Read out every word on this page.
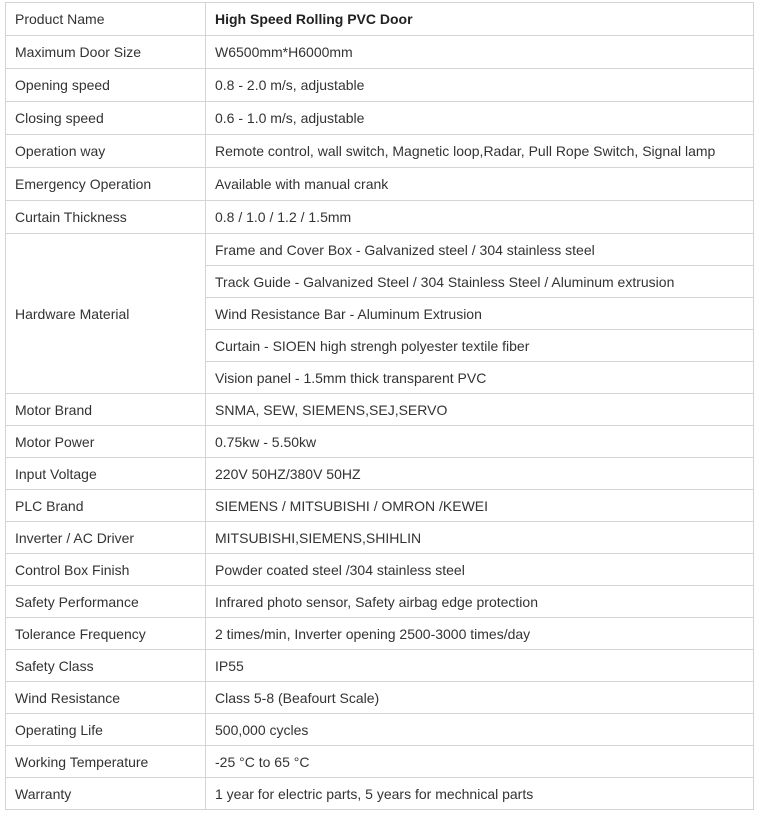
Product Name	High Speed Rolling PVC Door
Maximum Door Size	W6500mm*H6000mm
Opening speed	0.8 - 2.0 m/s, adjustable
Closing speed	0.6 - 1.0 m/s, adjustable
Operation way	Remote control, wall switch, Magnetic loop,Radar, Pull Rope Switch, Signal lamp
Emergency Operation	Available with manual crank
Curtain Thickness	0.8 / 1.0 / 1.2 / 1.5mm
Hardware Material	Frame and Cover Box - Galvanized steel / 304 stainless steel
	Track Guide - Galvanized Steel / 304 Stainless Steel / Aluminum extrusion
	Wind Resistance Bar - Aluminum Extrusion
	Curtain - SIOEN high strengh polyester textile fiber
	Vision panel - 1.5mm thick transparent PVC
Motor Brand	SNMA, SEW, SIEMENS,SEJ,SERVO
Motor Power	0.75kw - 5.50kw
Input Voltage	220V 50HZ/380V 50HZ
PLC Brand	SIEMENS / MITSUBISHI / OMRON /KEWEI
Inverter / AC Driver	MITSUBISHI,SIEMENS,SHIHLIN
Control Box Finish	Powder coated steel /304 stainless steel
Safety Performance	Infrared photo sensor, Safety airbag edge protection
Tolerance Frequency	2 times/min, Inverter opening 2500-3000 times/day
Safety Class	IP55
Wind Resistance	Class 5-8 (Beafourt Scale)
Operating Life	500,000 cycles
Working Temperature	-25 °C to 65 °C
Warranty	1 year for electric parts, 5 years for mechnical parts
